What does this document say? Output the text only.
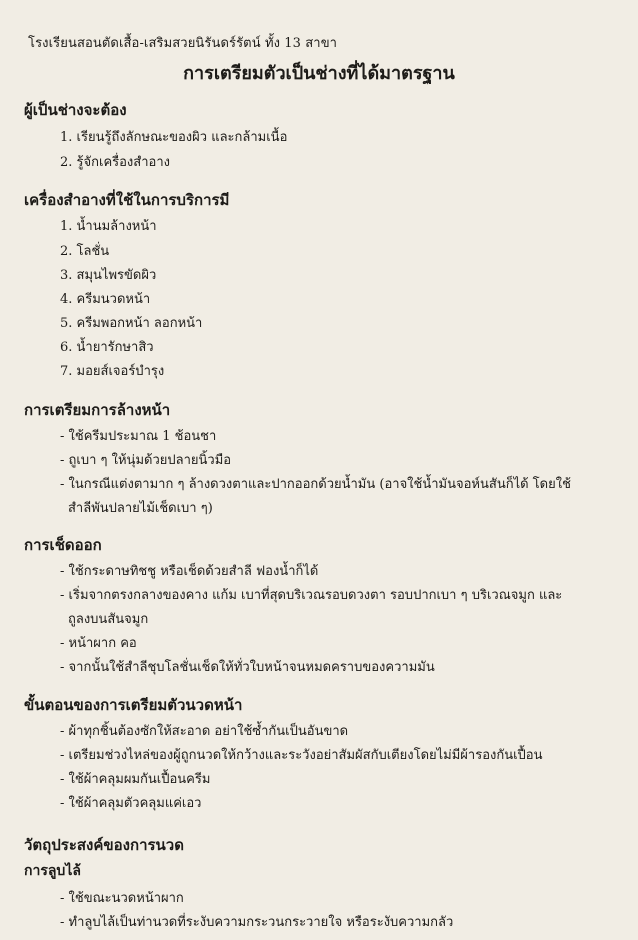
โรงเรียนสอนตัดเสื้อ-เสริมสวยนิรันดร์รัตน์ ทั้ง 13 สาขา
การเตรียมตัวเป็นช่างที่ได้มาตรฐาน
ผู้เป็นช่างจะต้อง
1. เรียนรู้ถึงลักษณะของผิว และกล้ามเนื้อ
2. รู้จักเครื่องสำอาง
เครื่องสำอางที่ใช้ในการบริการมี
1. น้ำนมล้างหน้า
2. โลชั่น
3. สมุนไพรขัดผิว
4. ครีมนวดหน้า
5. ครีมพอกหน้า ลอกหน้า
6. น้ำยารักษาสิว
7. มอยส์เจอร์บำรุง
การเตรียมการล้างหน้า
- ใช้ครีมประมาณ 1 ช้อนชา
- ถูเบา ๆ ให้นุ่มด้วยปลายนิ้วมือ
- ในกรณีแต่งตามาก ๆ ล้างดวงตาและปากออกด้วยน้ำมัน (อาจใช้น้ำมันจอห์นสันก็ได้ โดยใช้
สำลีพันปลายไม้เช็ดเบา ๆ)
การเช็ดออก
- ใช้กระดาษทิชชู หรือเช็ดด้วยสำลี ฟองน้ำก็ได้
- เริ่มจากตรงกลางของคาง แก้ม เบาที่สุดบริเวณรอบดวงตา รอบปากเบา ๆ บริเวณจมูก และ
ถูลงบนสันจมูก
- หน้าผาก คอ
- จากนั้นใช้สำลีชุบโลชั่นเช็ดให้ทั่วใบหน้าจนหมดคราบของความมัน
ขั้นตอนของการเตรียมตัวนวดหน้า
- ผ้าทุกชิ้นต้องซักให้สะอาด อย่าใช้ซ้ำกันเป็นอันขาด
- เตรียมช่วงไหล่ของผู้ถูกนวดให้กว้างและระวังอย่าสัมผัสกับเตียงโดยไม่มีผ้ารองกันเปื้อน
- ใช้ผ้าคลุมผมกันเปื้อนครีม
- ใช้ผ้าคลุมตัวคลุมแค่เอว
วัตถุประสงค์ของการนวด
การลูบไล้
- ใช้ขณะนวดหน้าผาก
- ทำลูบไล้เป็นท่านวดที่ระงับความกระวนกระวายใจ หรือระงับความกลัว
